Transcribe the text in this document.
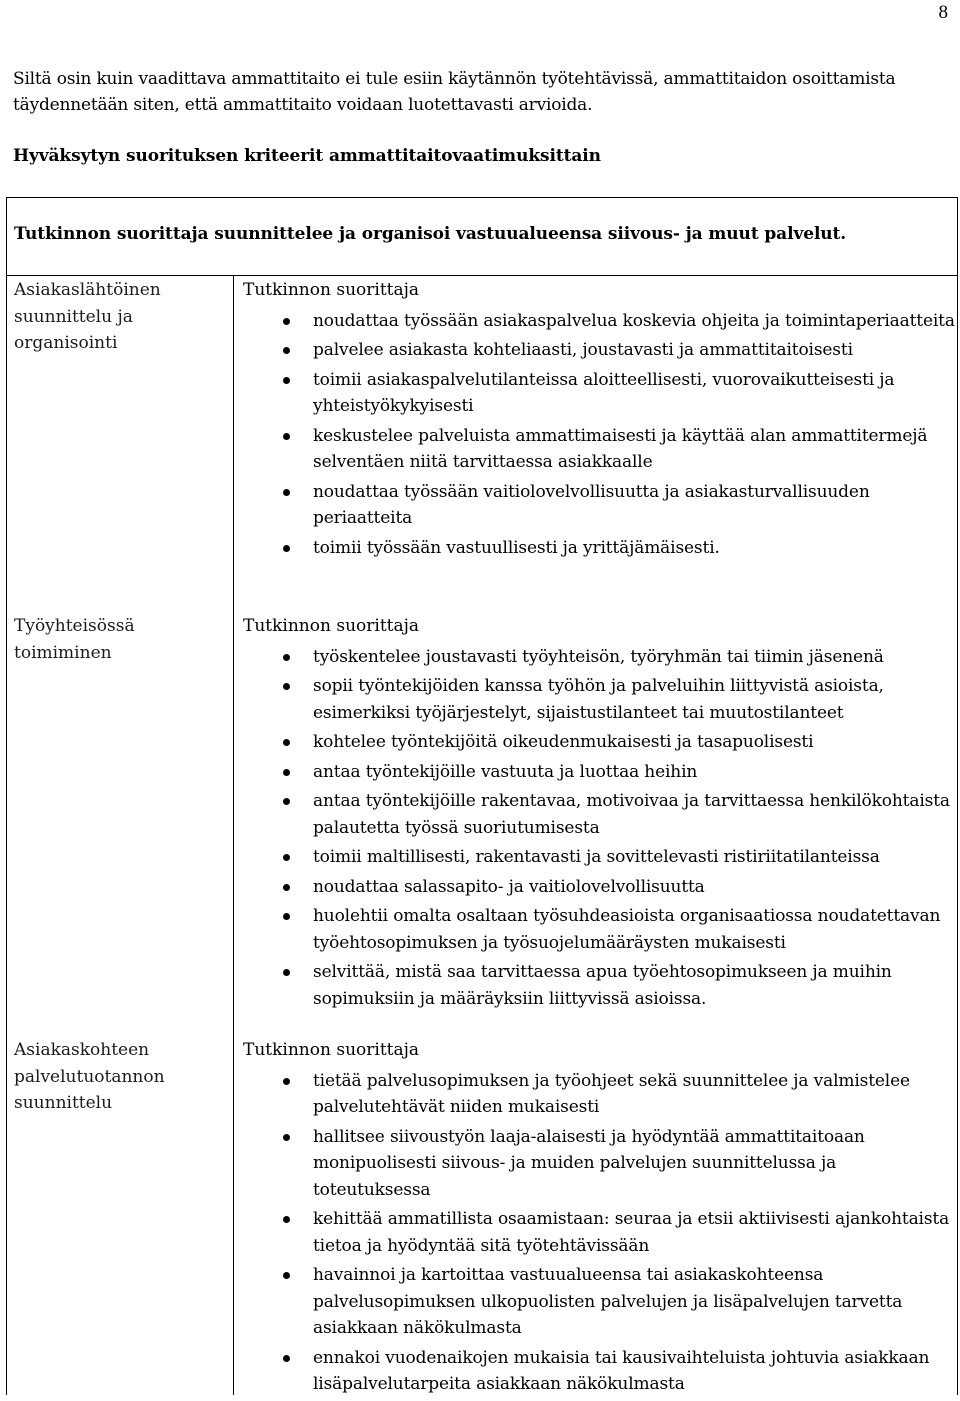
8

Siltä osin kuin vaadittava ammattitaito ei tule esiin käytännön työtehtävissä, ammattitaidon osoittamista täydennetään siten, että ammattitaito voidaan luotettavasti arvioida.

Hyväksytyn suorituksen kriteerit ammattitaitovaatimuksittain
Tutkinnon suorittaja suunnittelee ja organisoi vastuualueensa siivous- ja muut palvelut.
Asiakaslähtöinen suunnittelu ja organisointi
Tutkinnon suorittaja
noudattaa työssään asiakaspalvelua koskevia ohjeita ja toimintaperiaatteita
palvelee asiakasta kohteliaasti, joustavasti ja ammattitaitoisesti
toimii asiakaspalvelutilanteissa aloitteellisesti, vuorovaikutteisesti ja yhteistyökykyisesti
keskustelee palveluista ammattimaisesti ja käyttää alan ammattitermejä selventäen niitä tarvittaessa asiakkaalle
noudattaa työssään vaitiolovelvollisuutta ja asiakasturvallisuuden periaatteita
toimii työssään vastuullisesti ja yrittäjämäisesti.
Työyhteisössä toimiminen
Tutkinnon suorittaja
työskentelee joustavasti työyhteisön, työryhmän tai tiimin jäsenenä
sopii työntekijöiden kanssa työhön ja palveluihin liittyvistä asioista, esimerkiksi työjärjestelyt, sijaistustilanteet tai muutostilanteet
kohtelee työntekijöitä oikeudenmukaisesti ja tasapuolisesti
antaa työntekijöille vastuuta ja luottaa heihin
antaa työntekijöille rakentavaa, motivoivaa ja tarvittaessa henkilökohtaista palautetta työssä suoriutumisesta
toimii maltillisesti, rakentavasti ja sovittelevasti ristiriitatilanteissa
noudattaa salassapito- ja vaitiolovelvollisuutta
huolehtii omalta osaltaan työsuhdeasioista organisaatiossa noudatettavan työehtosopimuksen ja työsuojelumääräysten mukaisesti
selvittää, mistä saa tarvittaessa apua työehtosopimukseen ja muihin sopimuksiin ja määräyksiin liittyvissä asioissa.
Asiakaskohteen palvelutuotannon suunnittelu
Tutkinnon suorittaja
tietää palvelusopimuksen ja työohjeet sekä suunnittelee ja valmistelee palvelutehtävät niiden mukaisesti
hallitsee siivoustyön laaja-alaisesti ja hyödyntää ammattitaitoaan monipuolisesti siivous- ja muiden palvelujen suunnittelussa ja toteutuksessa
kehittää ammatillista osaamistaan: seuraa ja etsii aktiivisesti ajankohtaista tietoa ja hyödyntää sitä työtehtävissään
havainnoi ja kartoittaa vastuualueensa tai asiakaskohteensa palvelusopimuksen ulkopuolisten palvelujen ja lisäpalvelujen tarvetta asiakkaan näkökulmasta
ennakoi vuodenaikojen mukaisia tai kausivaihteluista johtuvia asiakkaan lisäpalvelutarpeita asiakkaan näkökulmasta
